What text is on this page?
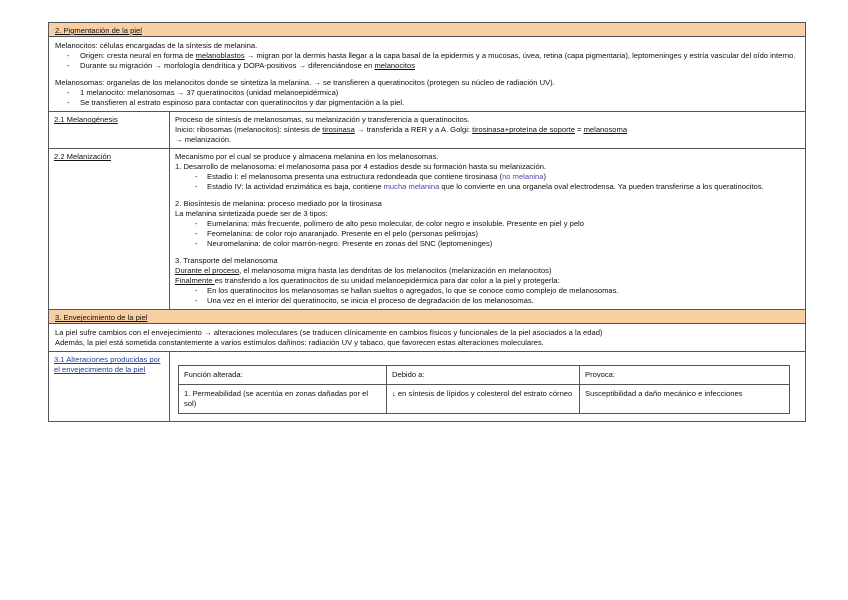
2. Pigmentación de la piel
Melanocitos: células encargadas de la síntesis de melanina.
- Origen: cresta neural en forma de melanoblastos → migran por la dermis hasta llegar a la capa basal de la epidermis y a mucosas, úvea, retina (capa pigmentaria), leptomeninges y estría vascular del oído interno.
- Durante su migración → morfología dendrítica y DOPA-positivos → diferenciándose en melanocitos
Melanosomas: organelas de los melanocitos donde se sintetiza la melanina. → se transfieren a queratinocitos (protegen su núcleo de radiación UV).
- 1 melanocito: melanosomas → 37 queratinocitos (unidad melanoepidérmica)
- Se transfieren al estrato espinoso para contactar con queratinocitos y dar pigmentación a la piel.
2.1 Melanogénesis	Proceso de síntesis de melanosomas, su melanización y transferencia a queratinocitos.
Inicio: ribosomas (melanocitos): síntesis de tirosinasa → transferida a RER y a A. Golgi: tirosinasa+proteína de soporte = melanosoma
→ melanización.
2.2 Melanización	Mecanismo por el cual se produce y almacena melanina en los melanosomas.
1. Desarrollo de melanosoma: el melanosoma pasa por 4 estadios desde su formación hasta su melanización.
- Estadio I: el melanosoma presenta una estructura redondeada que contiene tirosinasa (no melanina)
- Estadio IV: la actividad enzimática es baja, contiene mucha melanina que lo convierte en una organela oval electrodensa. Ya pueden transferirse a los queratinocitos.
2. Biosíntesis de melanina: proceso mediado por la tirosinasa
La melanina sintetizada puede ser de 3 tipos:
- Eumelanina: más frecuente, polímero de alto peso molecular, de color negro e insoluble. Presente en piel y pelo
- Feomelanina: de color rojo anaranjado. Presente en el pelo (personas pelirrojas)
- Neuromelanina: de color marrón-negro. Presente en zonas del SNC (leptomeninges)
3. Transporte del melanosoma
Durante el proceso, el melanosoma migra hasta las dendritas de los melanocitos (melanización en melanocitos)
Finalmente es transferido a los queratinocitos de su unidad melanoepidérmica para dar color a la piel y protegerla:
- En los queratinocitos los melanosomas se hallan sueltos o agregados, lo que se conoce como complejo de melanosomas.
- Una vez en el interior del queratinocito, se inicia el proceso de degradación de los melanosomas.
3. Envejecimiento de la piel
La piel sufre cambios con el envejecimiento → alteraciones moleculares (se traducen clínicamente en cambios físicos y funcionales de la piel asociados a la edad)
Además, la piel está sometida constantemente a varios estímulos dañinos: radiación UV y tabaco, que favorecen estas alteraciones moleculares.
3.1 Alteraciones producidas por el envejecimiento de la piel
Función alterada:	Debido a:	Provoca:
1. Permeabilidad (se acentúa en zonas dañadas por el sol)	↓ en síntesis de lípidos y colesterol del estrato córneo	Susceptibilidad a daño mecánico e infecciones
